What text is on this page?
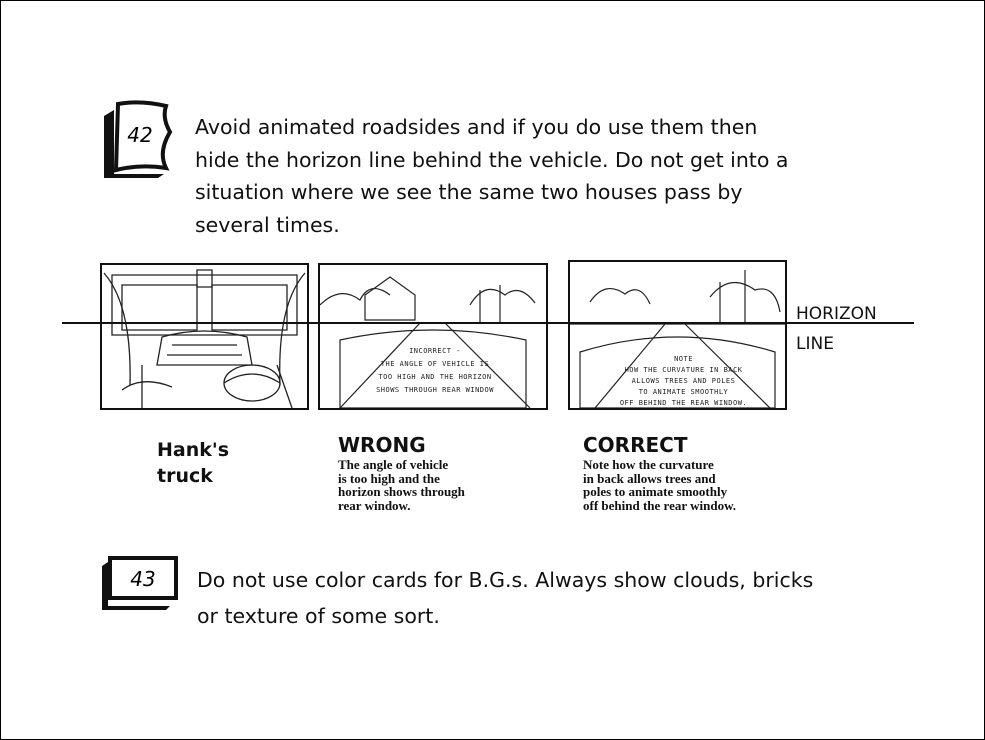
42 Avoid animated roadsides and if you do use them then
hide the horizon line behind the vehicle. Do not get into a
situation where we see the same two houses pass by
several times.
INCORRECT -
THE ANGLE OF VEHICLE IS
TOO HIGH AND THE HORIZON
SHOWS THROUGH REAR WINDOW
NOTE
HOW THE CURVATURE IN BACK
ALLOWS TREES AND POLES
TO ANIMATE SMOOTHLY
OFF BEHIND THE REAR WINDOW.
HORIZON
LINE
Hank's
truck
WRONG
The angle of vehicle
is too high and the
horizon shows through
rear window.
CORRECT
Note how the curvature
in back allows trees and
poles to animate smoothly
off behind the rear window.
43 Do not use color cards for B.G.s. Always show clouds, bricks
or texture of some sort.
